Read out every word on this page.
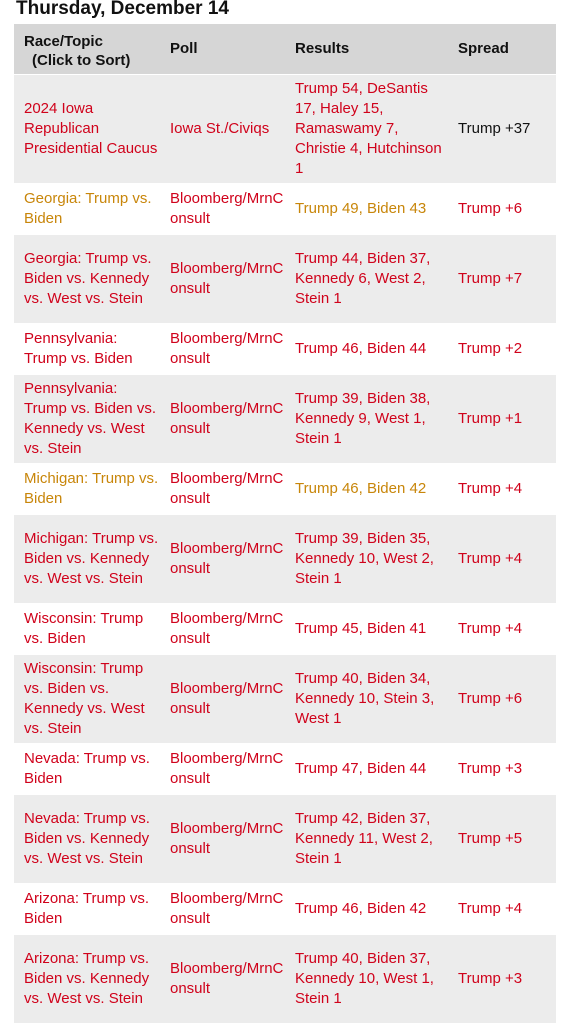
Thursday, December 14
Race/Topic
(Click to Sort)	Poll	Results	Spread
2024 Iowa Republican Presidential Caucus	Iowa St./Civiqs	Trump 54, DeSantis 17, Haley 15, Ramaswamy 7, Christie 4, Hutchinson 1	Trump +37
Georgia: Trump vs. Biden	Bloomberg/MrnConsult	Trump 49, Biden 43	Trump +6
Georgia: Trump vs. Biden vs. Kennedy vs. West vs. Stein	Bloomberg/MrnConsult	Trump 44, Biden 37, Kennedy 6, West 2, Stein 1	Trump +7
Pennsylvania: Trump vs. Biden	Bloomberg/MrnConsult	Trump 46, Biden 44	Trump +2
Pennsylvania: Trump vs. Biden vs. Kennedy vs. West vs. Stein	Bloomberg/MrnConsult	Trump 39, Biden 38, Kennedy 9, West 1, Stein 1	Trump +1
Michigan: Trump vs. Biden	Bloomberg/MrnConsult	Trump 46, Biden 42	Trump +4
Michigan: Trump vs. Biden vs. Kennedy vs. West vs. Stein	Bloomberg/MrnConsult	Trump 39, Biden 35, Kennedy 10, West 2, Stein 1	Trump +4
Wisconsin: Trump vs. Biden	Bloomberg/MrnConsult	Trump 45, Biden 41	Trump +4
Wisconsin: Trump vs. Biden vs. Kennedy vs. West vs. Stein	Bloomberg/MrnConsult	Trump 40, Biden 34, Kennedy 10, Stein 3, West 1	Trump +6
Nevada: Trump vs. Biden	Bloomberg/MrnConsult	Trump 47, Biden 44	Trump +3
Nevada: Trump vs. Biden vs. Kennedy vs. West vs. Stein	Bloomberg/MrnConsult	Trump 42, Biden 37, Kennedy 11, West 2, Stein 1	Trump +5
Arizona: Trump vs. Biden	Bloomberg/MrnConsult	Trump 46, Biden 42	Trump +4
Arizona: Trump vs. Biden vs. Kennedy vs. West vs. Stein	Bloomberg/MrnConsult	Trump 40, Biden 37, Kennedy 10, West 1, Stein 1	Trump +3
